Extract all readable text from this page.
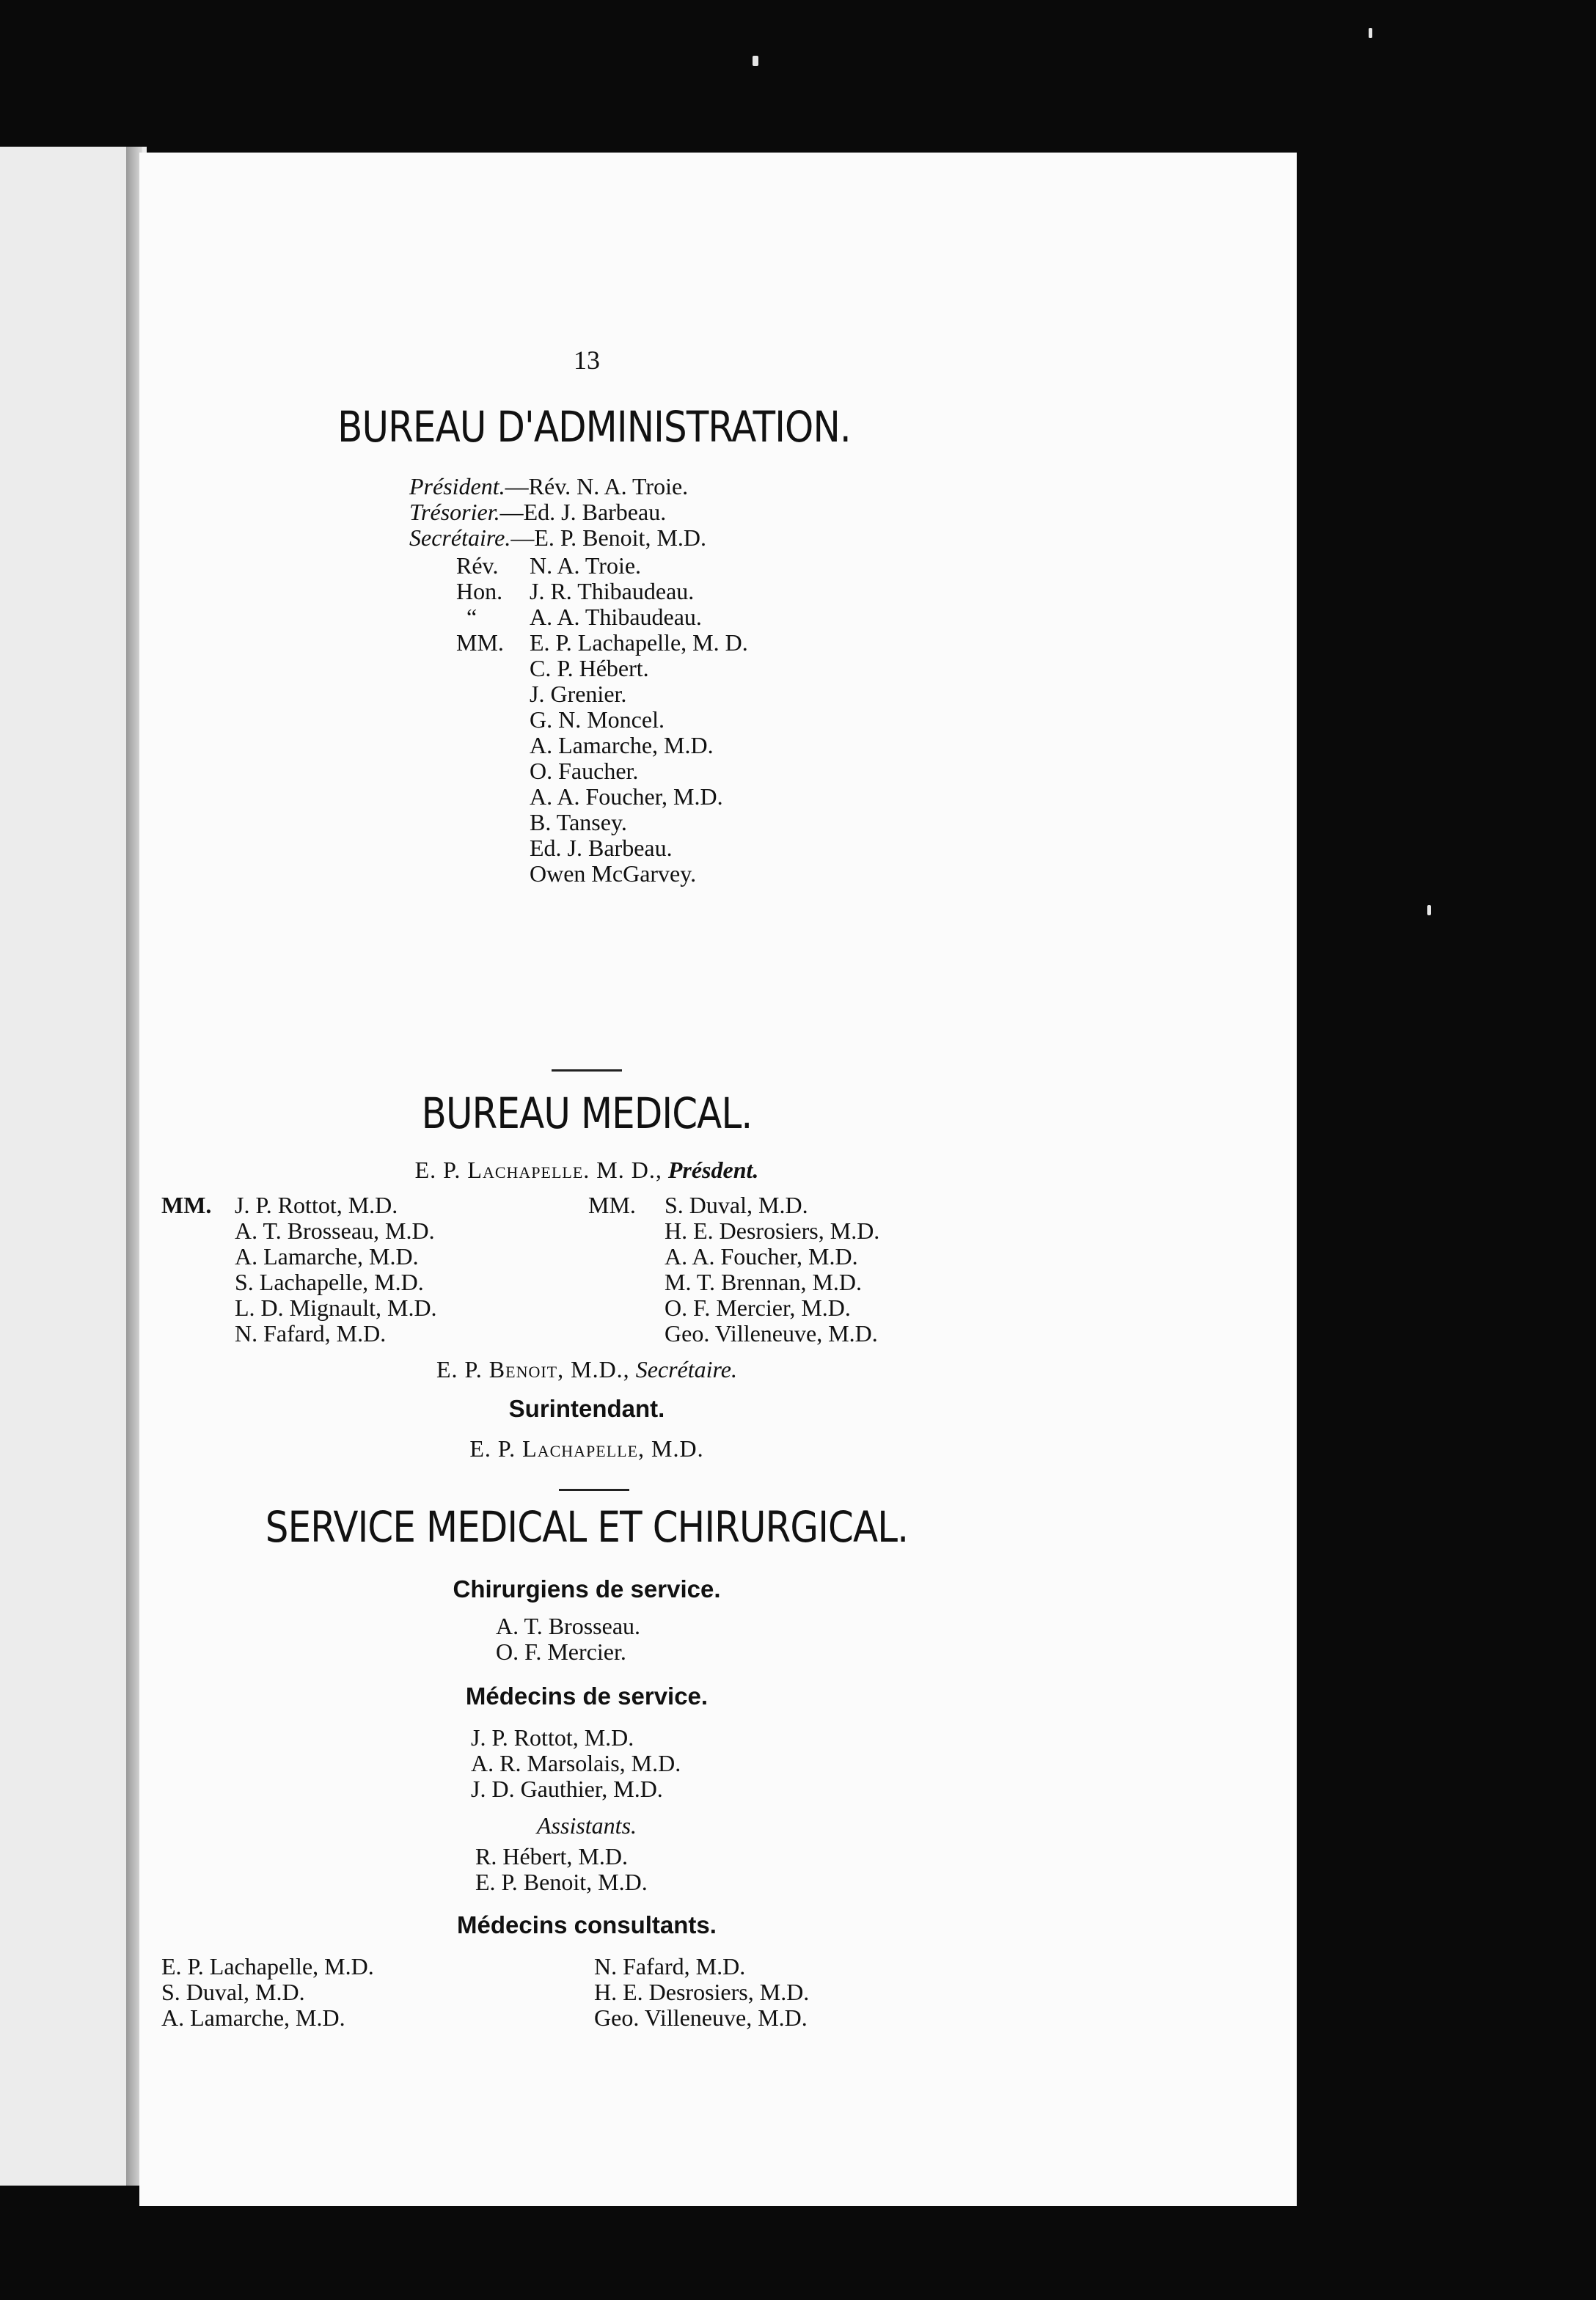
13
BUREAU D'ADMINISTRATION.
Président.—Rév. N. A. Troie.
Trésorier.—Ed. J. Barbeau.
Secrétaire.—E. P. Benoit, M.D.
Rév. N. A. Troie.
Hon. J. R. Thibaudeau.
“ A. A. Thibaudeau.
MM. E. P. Lachapelle, M. D.
C. P. Hébert.
J. Grenier.
G. N. Moncel.
A. Lamarche, M.D.
O. Faucher.
A. A. Foucher, M.D.
B. Tansey.
Ed. J. Barbeau.
Owen McGarvey.
BUREAU MEDICAL.
E. P. Lachapelle. M. D., Présdent.
MM. J. P. Rottot, M.D.
A. T. Brosseau, M.D.
A. Lamarche, M.D.
S. Lachapelle, M.D.
L. D. Mignault, M.D.
N. Fafard, M.D.
MM. S. Duval, M.D.
H. E. Desrosiers, M.D.
A. A. Foucher, M.D.
M. T. Brennan, M.D.
O. F. Mercier, M.D.
Geo. Villeneuve, M.D.
E. P. Benoit, M.D., Secrétaire.
Surintendant.
E. P. Lachapelle, M.D.
SERVICE MEDICAL ET CHIRURGICAL.
Chirurgiens de service.
A. T. Brosseau.
O. F. Mercier.
Médecins de service.
J. P. Rottot, M.D.
A. R. Marsolais, M.D.
J. D. Gauthier, M.D.
Assistants.
R. Hébert, M.D.
E. P. Benoit, M.D.
Médecins consultants.
E. P. Lachapelle, M.D.
S. Duval, M.D.
A. Lamarche, M.D.
N. Fafard, M.D.
H. E. Desrosiers, M.D.
Geo. Villeneuve, M.D.
